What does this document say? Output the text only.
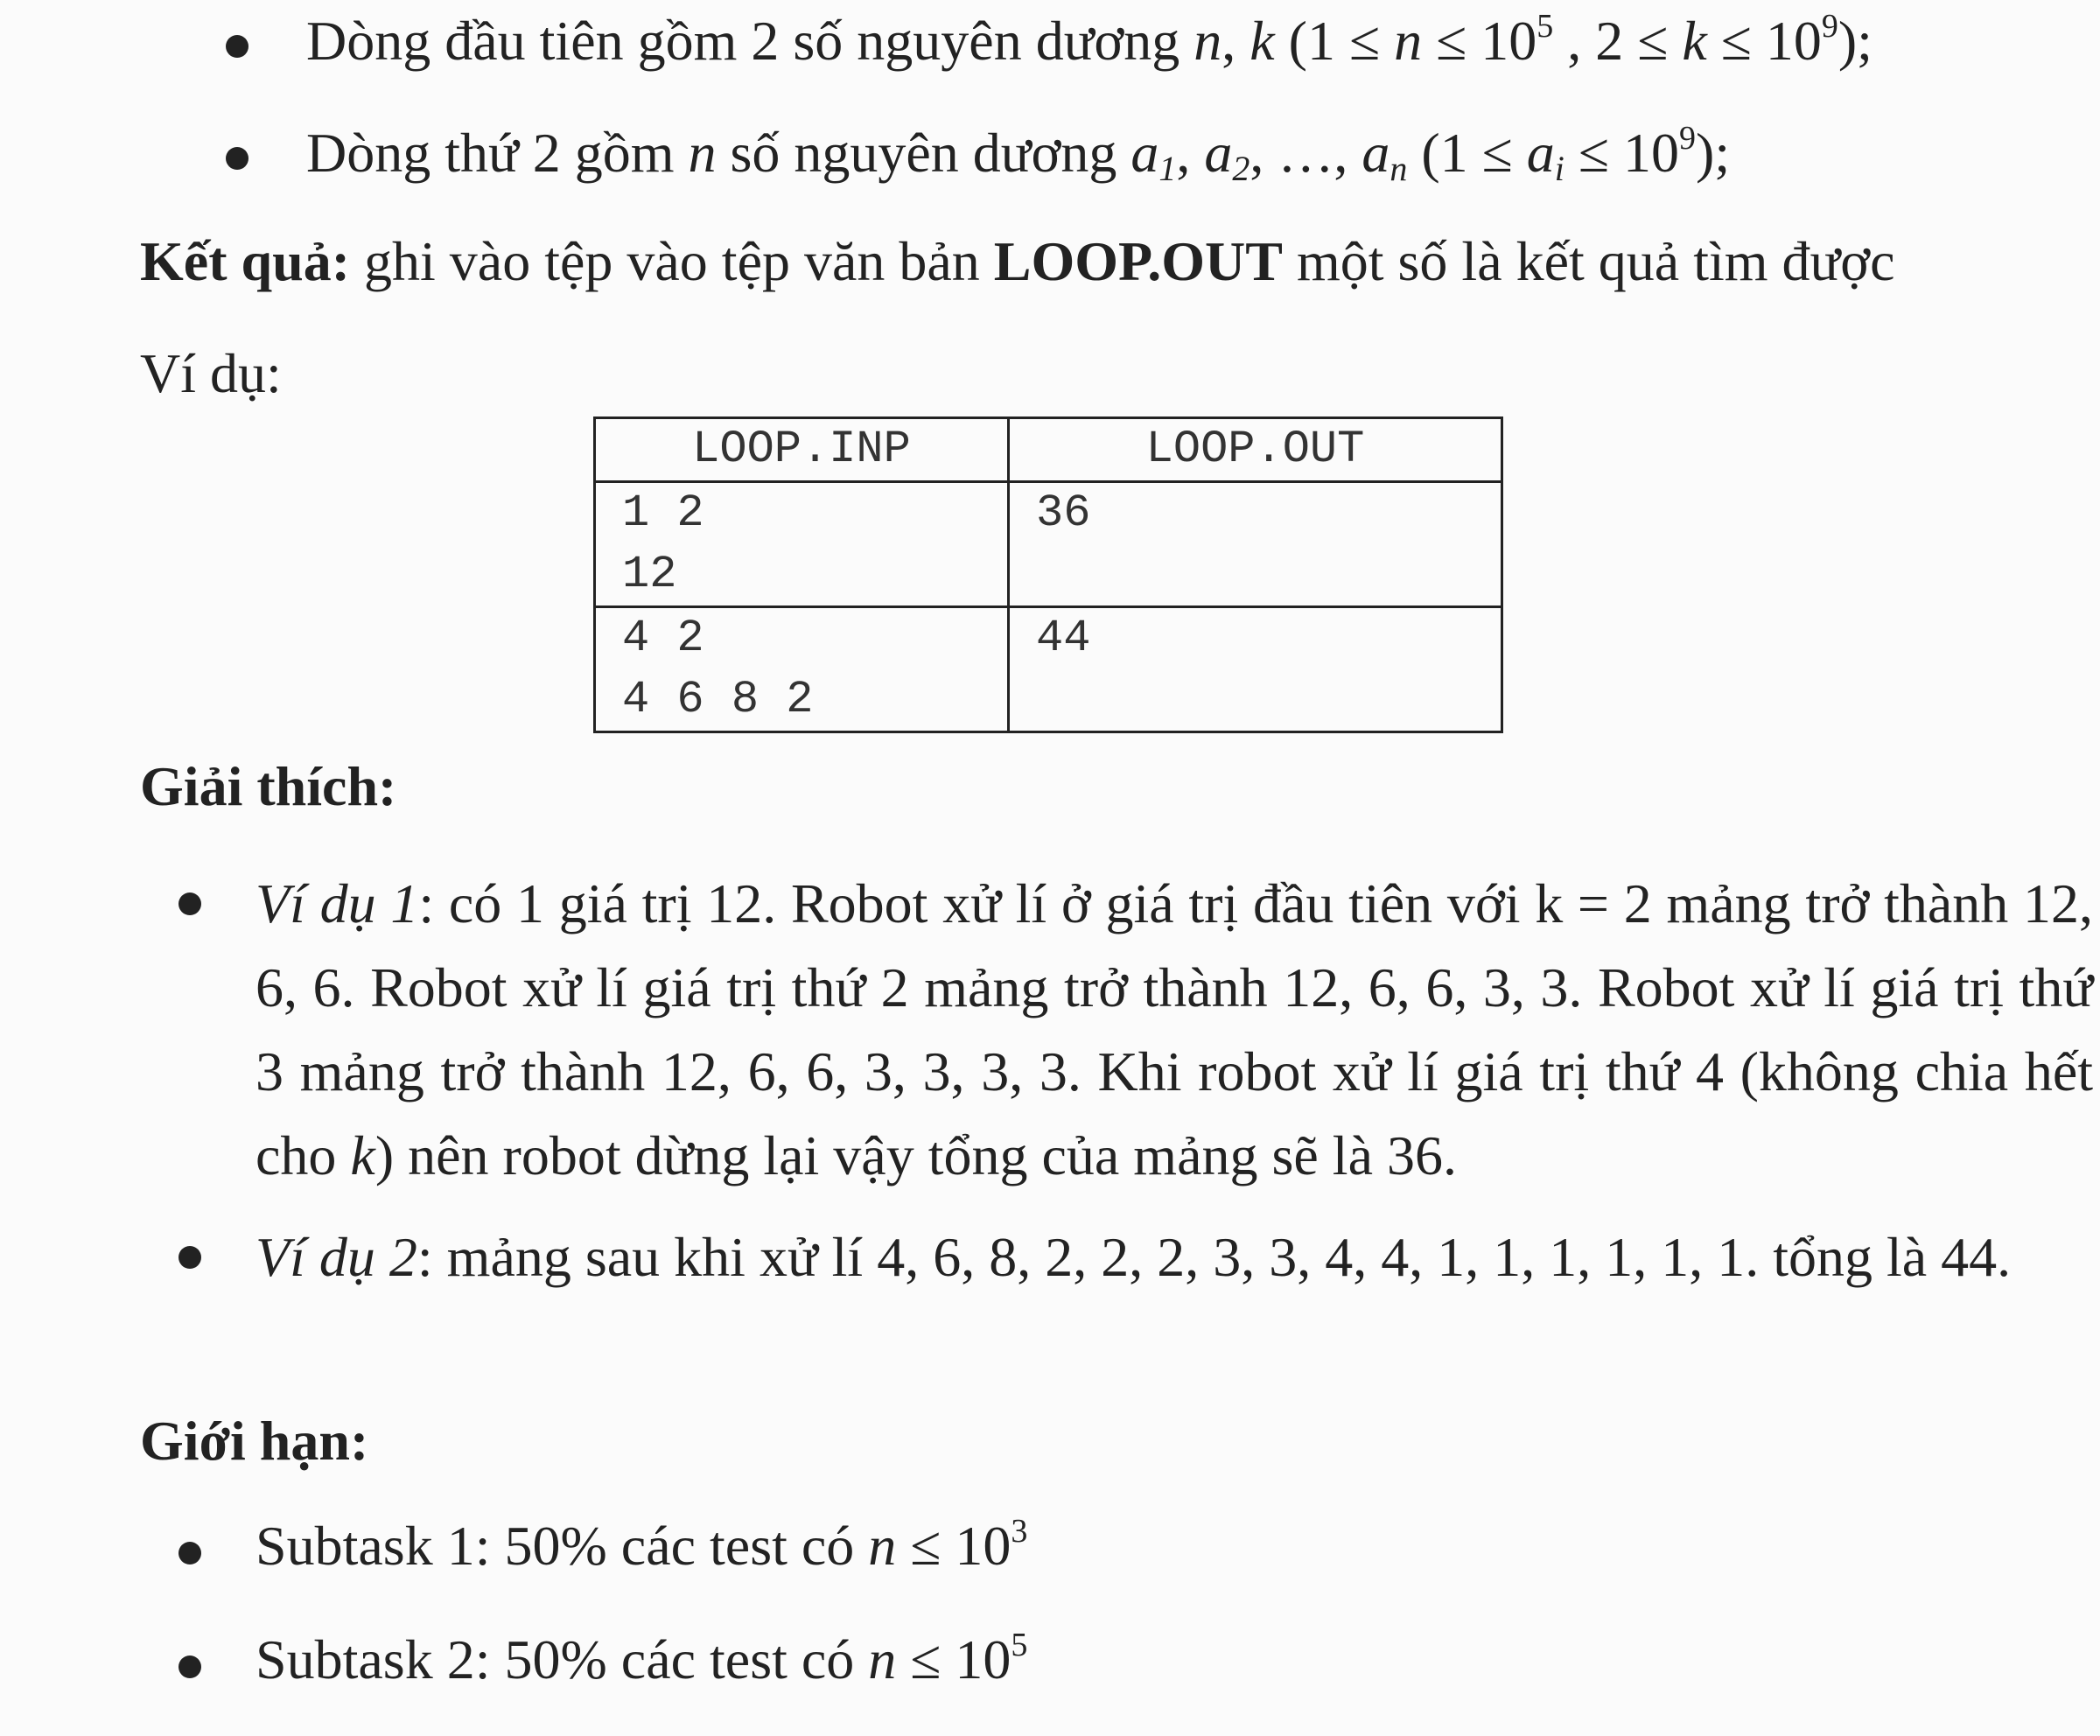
Dòng đầu tiên gồm 2 số nguyên dương n, k ($1 \le n \le 10^5$ , $2 \le k \le 10^9$);
Dòng thứ 2 gồm n số nguyên dương $a_1$, $a_2$, …, $a_n$ $(1 \le a_i \le 10^9)$;
Kết quả: ghi vào tệp vào tệp văn bản LOOP.OUT một số là kết quả tìm được
Ví dụ:
LOOP.INP	LOOP.OUT

1 2
12	36

4 2
4 6 8 2	44
Giải thích:
Ví dụ 1: có 1 giá trị 12. Robot xử lí ở giá trị đầu tiên với k = 2 mảng trở thành 12, 6, 6. Robot xử lí giá trị thứ 2 mảng trở thành 12, 6, 6, 3, 3. Robot xử lí giá trị thứ 3 mảng trở thành 12, 6, 6, 3, 3, 3, 3. Khi robot xử lí giá trị thứ 4 (không chia hết cho k) nên robot dừng lại vậy tổng của mảng sẽ là 36.
Ví dụ 2: mảng sau khi xử lí 4, 6, 8, 2, 2, 2, 3, 3, 4, 4, 1, 1, 1, 1, 1, 1. tổng là 44.
Giới hạn:
Subtask 1: 50% các test có $n \le 10^3$
Subtask 2: 50% các test có $n \le 10^5$
